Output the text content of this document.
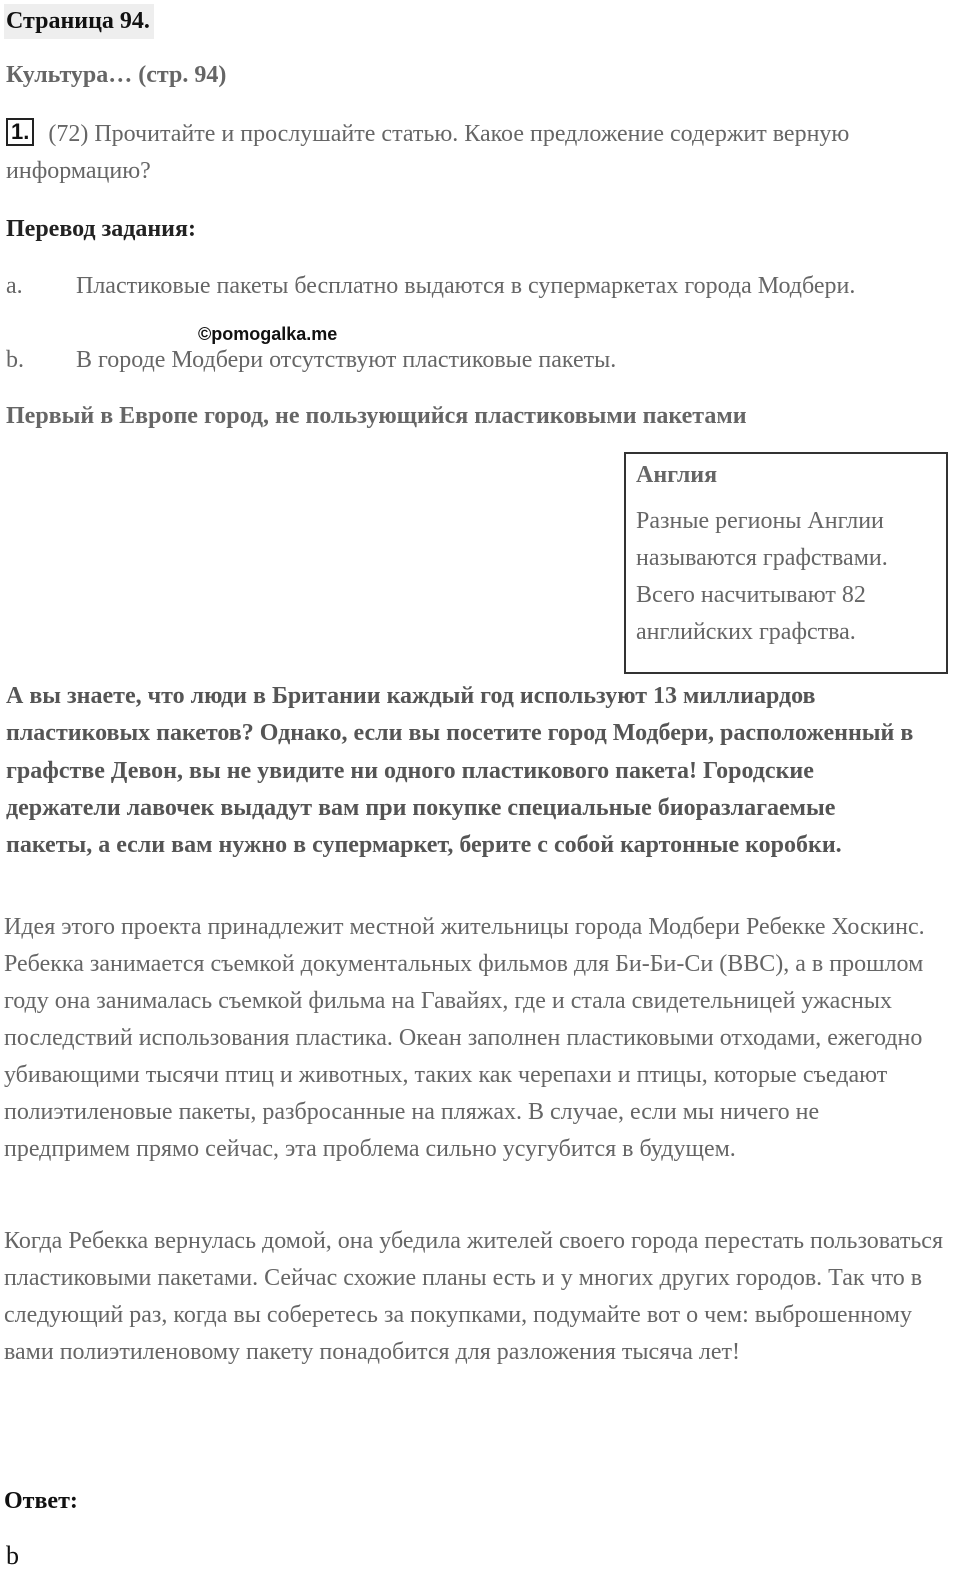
Страница 94.
Культура… (стр. 94)
1. (72) Прочитайте и прослушайте статью. Какое предложение содержит верную информацию?
Перевод задания:
a. Пластиковые пакеты бесплатно выдаются в супермаркетах города Модбери.
©pomogalka.me
b. В городе Модбери отсутствуют пластиковые пакеты.
Первый в Европе город, не пользующийся пластиковыми пакетами
Англия
Разные регионы Англии называются графствами. Всего насчитывают 82 английских графства.
А вы знаете, что люди в Британии каждый год используют 13 миллиардов пластиковых пакетов? Однако, если вы посетите город Модбери, расположенный в графстве Девон, вы не увидите ни одного пластикового пакета! Городские держатели лавочек выдадут вам при покупке специальные биоразлагаемые пакеты, а если вам нужно в супермаркет, берите с собой картонные коробки.
Идея этого проекта принадлежит местной жительницы города Модбери Ребекке Хоскинс. Ребекка занимается съемкой документальных фильмов для Би-Би-Си (BBC), а в прошлом году она занималась съемкой фильма на Гавайях, где и стала свидетельницей ужасных последствий использования пластика. Океан заполнен пластиковыми отходами, ежегодно убивающими тысячи птиц и животных, таких как черепахи и птицы, которые съедают полиэтиленовые пакеты, разбросанные на пляжах. В случае, если мы ничего не предпримем прямо сейчас, эта проблема сильно усугубится в будущем.
Когда Ребекка вернулась домой, она убедила жителей своего города перестать пользоваться пластиковыми пакетами. Сейчас схожие планы есть и у многих других городов. Так что в следующий раз, когда вы соберетесь за покупками, подумайте вот о чем: выброшенному вами полиэтиленовому пакету понадобится для разложения тысяча лет!
Ответ:
b
